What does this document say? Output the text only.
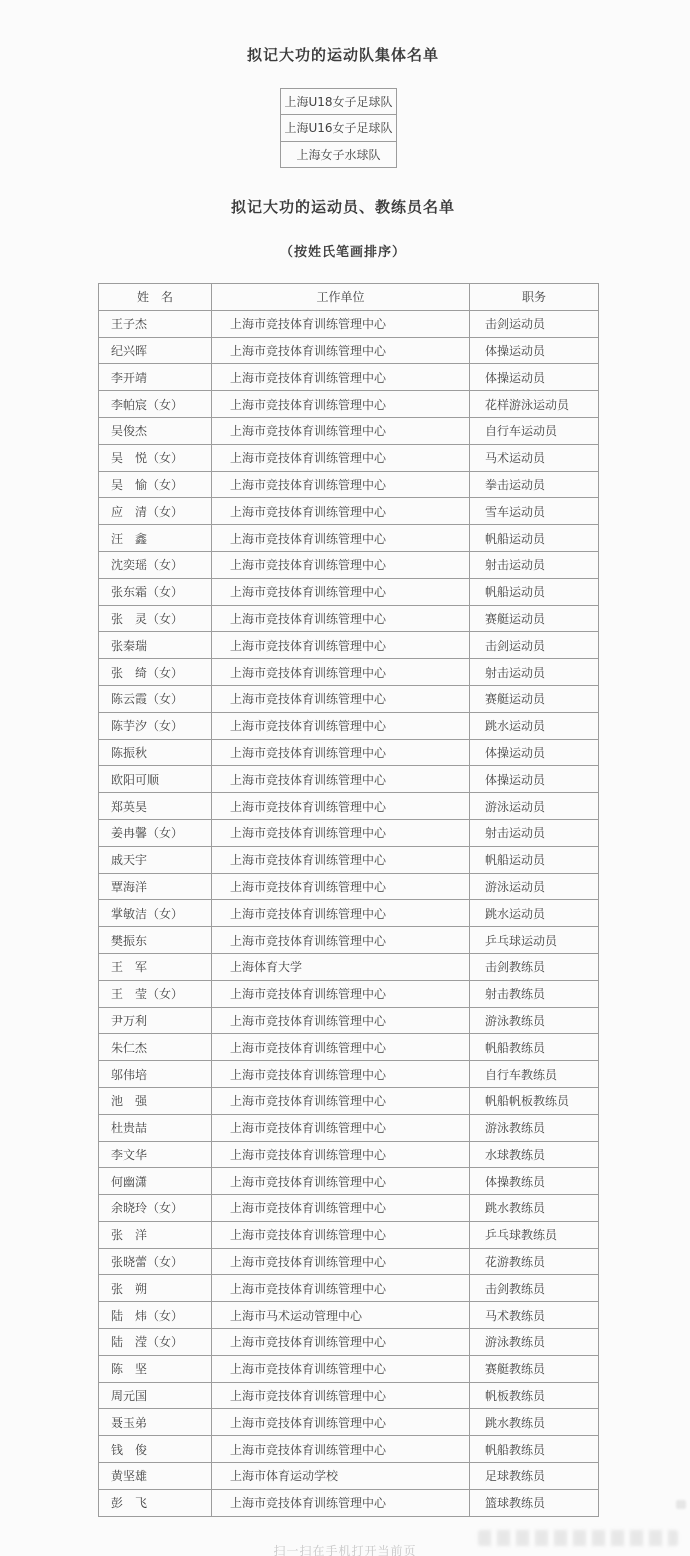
拟记大功的运动队集体名单
上海U18女子足球队
上海U16女子足球队
上海女子水球队
拟记大功的运动员、教练员名单
（按姓氏笔画排序）
姓　名	工作单位	职务
王子杰	上海市竞技体育训练管理中心	击剑运动员
纪兴晖	上海市竞技体育训练管理中心	体操运动员
李开靖	上海市竞技体育训练管理中心	体操运动员
李帕宸（女）	上海市竞技体育训练管理中心	花样游泳运动员
吴俊杰	上海市竞技体育训练管理中心	自行车运动员
吴　悦（女）	上海市竞技体育训练管理中心	马术运动员
吴　愉（女）	上海市竞技体育训练管理中心	拳击运动员
应　清（女）	上海市竞技体育训练管理中心	雪车运动员
汪　鑫	上海市竞技体育训练管理中心	帆船运动员
沈奕瑶（女）	上海市竞技体育训练管理中心	射击运动员
张东霜（女）	上海市竞技体育训练管理中心	帆船运动员
张　灵（女）	上海市竞技体育训练管理中心	赛艇运动员
张秦瑞	上海市竞技体育训练管理中心	击剑运动员
张　绮（女）	上海市竞技体育训练管理中心	射击运动员
陈云霞（女）	上海市竞技体育训练管理中心	赛艇运动员
陈芋汐（女）	上海市竞技体育训练管理中心	跳水运动员
陈振秋	上海市竞技体育训练管理中心	体操运动员
欧阳可顺	上海市竞技体育训练管理中心	体操运动员
郑英昊	上海市竞技体育训练管理中心	游泳运动员
姜冉馨（女）	上海市竞技体育训练管理中心	射击运动员
戚天宇	上海市竞技体育训练管理中心	帆船运动员
覃海洋	上海市竞技体育训练管理中心	游泳运动员
掌敏洁（女）	上海市竞技体育训练管理中心	跳水运动员
樊振东	上海市竞技体育训练管理中心	乒乓球运动员
王　军	上海体育大学	击剑教练员
王　莹（女）	上海市竞技体育训练管理中心	射击教练员
尹万利	上海市竞技体育训练管理中心	游泳教练员
朱仁杰	上海市竞技体育训练管理中心	帆船教练员
邬伟培	上海市竞技体育训练管理中心	自行车教练员
池　强	上海市竞技体育训练管理中心	帆船帆板教练员
杜贵喆	上海市竞技体育训练管理中心	游泳教练员
李文华	上海市竞技体育训练管理中心	水球教练员
何幽潇	上海市竞技体育训练管理中心	体操教练员
余晓玲（女）	上海市竞技体育训练管理中心	跳水教练员
张　洋	上海市竞技体育训练管理中心	乒乓球教练员
张晓蕾（女）	上海市竞技体育训练管理中心	花游教练员
张　朔	上海市竞技体育训练管理中心	击剑教练员
陆　炜（女）	上海市马术运动管理中心	马术教练员
陆　滢（女）	上海市竞技体育训练管理中心	游泳教练员
陈　坚	上海市竞技体育训练管理中心	赛艇教练员
周元国	上海市竞技体育训练管理中心	帆板教练员
聂玉弟	上海市竞技体育训练管理中心	跳水教练员
钱　俊	上海市竞技体育训练管理中心	帆船教练员
黄坚雄	上海市体育运动学校	足球教练员
彭　飞	上海市竞技体育训练管理中心	篮球教练员
扫一扫在手机打开当前页
